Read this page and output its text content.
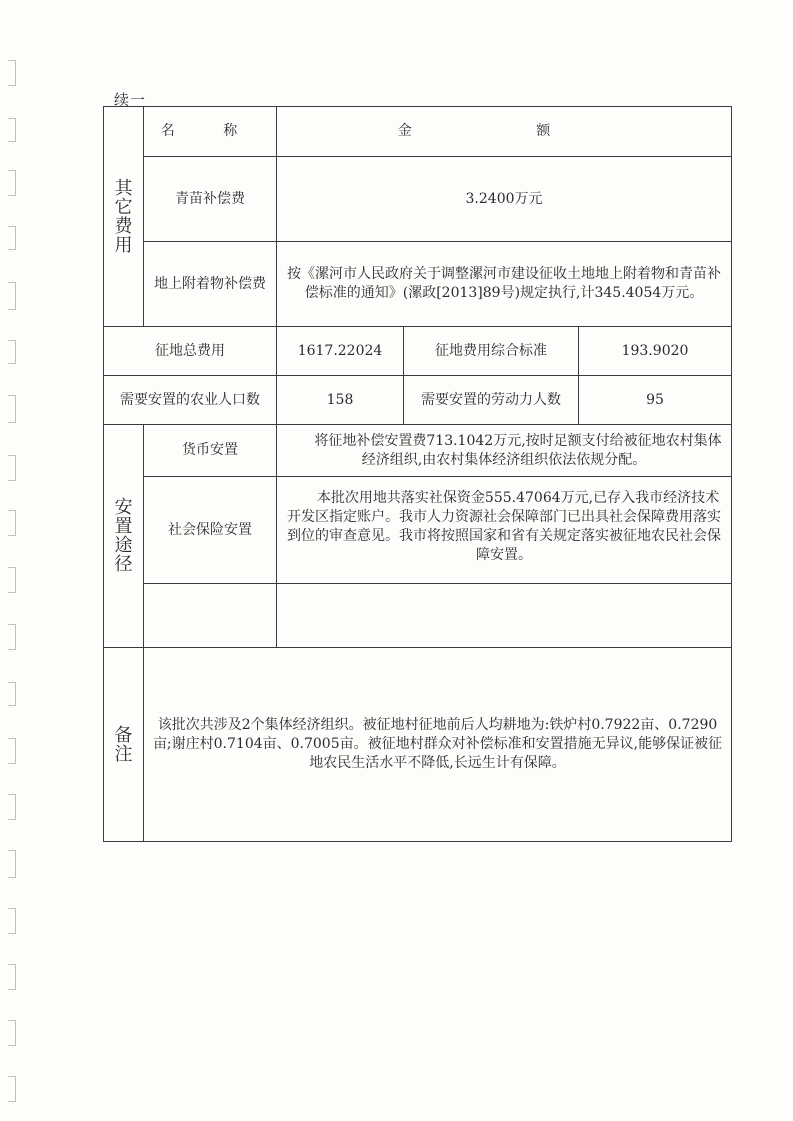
续一
其
它
费
用	名 称	金 额		
	青苗补偿费	3.2400万元		
	地上附着物补偿费	按《漯河市人民政府关于调整漯河市建设征收土地地上附着物和青苗补偿标准的通知》(漯政[2013]89号)规定执行,计345.4054万元。		
征地总费用		1617.22024	征地费用综合标准	193.9020
需要安置的农业人口数		158	需要安置的劳动力人数	95

安
置
途
径	货币安置	将征地补偿安置费713.1042万元,按时足额支付给被征地农村集体经济组织,由农村集体经济组织依法依规分配。		
	社会保险安置	本批次用地共落实社保资金555.47064万元,已存入我市经济技术开发区指定账户。我市人力资源社会保障部门已出具社会保障费用落实到位的审查意见。我市将按照国家和省有关规定落实被征地农民社会保障安置。		

备
注	该批次共涉及2个集体经济组织。被征地村征地前后人均耕地为:铁炉村0.7922亩、0.7290亩;谢庄村0.7104亩、0.7005亩。被征地村群众对补偿标准和安置措施无异议,能够保证被征地农民生活水平不降低,长远生计有保障。			
